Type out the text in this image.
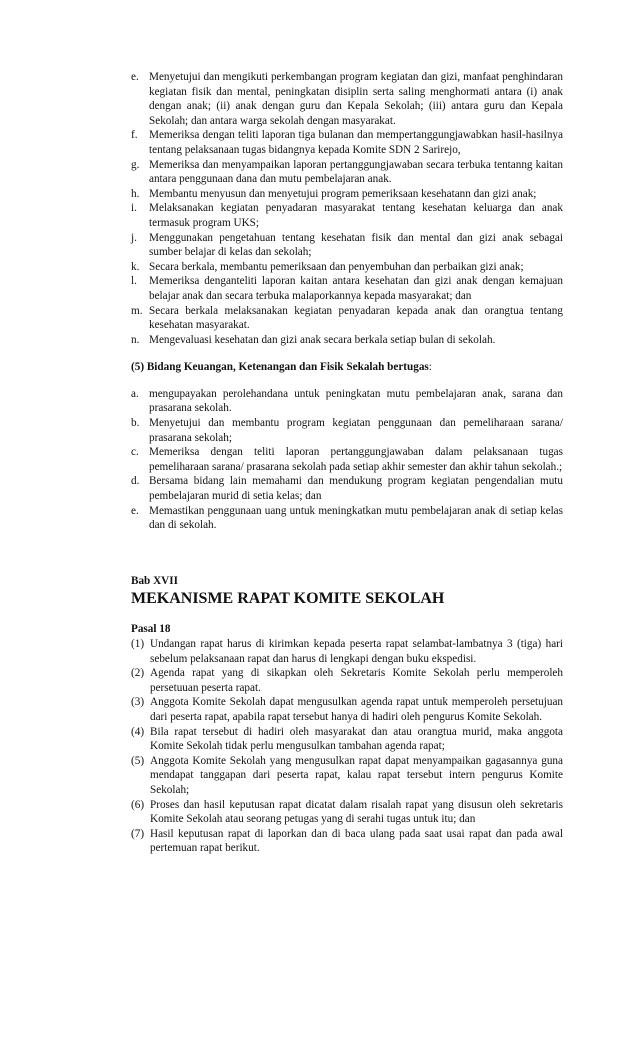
e. Menyetujui dan mengikuti perkembangan program kegiatan dan gizi, manfaat penghindaran kegiatan fisik dan mental, peningkatan disiplin serta saling menghormati antara (i) anak dengan anak; (ii) anak dengan guru dan Kepala Sekolah; (iii) antara guru dan Kepala Sekolah; dan antara warga sekolah dengan masyarakat.
f. Memeriksa dengan teliti laporan tiga bulanan dan mempertanggungjawabkan hasil-hasilnya tentang pelaksanaan tugas bidangnya kepada Komite SDN 2 Sarirejo,
g. Memeriksa dan menyampaikan laporan pertanggungjawaban secara terbuka tentanng kaitan antara penggunaan dana dan mutu pembelajaran anak.
h. Membantu menyusun dan menyetujui program pemeriksaan kesehatann dan gizi anak;
i. Melaksanakan kegiatan penyadaran masyarakat tentang kesehatan keluarga dan anak termasuk program UKS;
j. Menggunakan pengetahuan tentang kesehatan fisik dan mental dan gizi anak sebagai sumber belajar di kelas dan sekolah;
k. Secara berkala, membantu pemeriksaan dan penyembuhan dan perbaikan gizi anak;
l. Memeriksa denganteliti laporan kaitan antara kesehatan dan gizi anak dengan kemajuan belajar anak dan secara terbuka malaporkannya kepada masyarakat; dan
m. Secara berkala melaksanakan kegiatan penyadaran kepada anak dan orangtua tentang kesehatan masyarakat.
n. Mengevaluasi kesehatan dan gizi anak secara berkala setiap bulan di sekolah.
(5) Bidang Keuangan, Ketenangan dan Fisik Sekalah bertugas:
a. mengupayakan perolehandana untuk peningkatan mutu pembelajaran anak, sarana dan prasarana sekolah.
b. Menyetujui dan membantu program kegiatan penggunaan dan pemeliharaan sarana/ prasarana sekolah;
c. Memeriksa dengan teliti laporan pertanggungjawaban dalam pelaksanaan tugas pemeliharaan sarana/ prasarana sekolah pada setiap akhir semester dan akhir tahun sekolah.;
d. Bersama bidang lain memahami dan mendukung program kegiatan pengendalian mutu pembelajaran murid di setia kelas; dan
e. Memastikan penggunaan uang untuk meningkatkan mutu pembelajaran anak di setiap kelas dan di sekolah.
Bab XVII
MEKANISME RAPAT KOMITE SEKOLAH
Pasal 18
(1) Undangan rapat harus di kirimkan kepada peserta rapat selambat-lambatnya 3 (tiga) hari sebelum pelaksanaan rapat dan harus di lengkapi dengan buku ekspedisi.
(2) Agenda rapat yang di sikapkan oleh Sekretaris Komite Sekolah perlu memperoleh persetuuan peserta rapat.
(3) Anggota Komite Sekolah dapat mengusulkan agenda rapat untuk memperoleh persetujuan dari peserta rapat, apabila rapat tersebut hanya di hadiri oleh pengurus Komite Sekolah.
(4) Bila rapat tersebut di hadiri oleh masyarakat dan atau orangtua murid, maka anggota Komite Sekolah tidak perlu mengusulkan tambahan agenda rapat;
(5) Anggota Komite Sekolah yang mengusulkan rapat dapat menyampaikan gagasannya guna mendapat tanggapan dari peserta rapat, kalau rapat tersebut intern pengurus Komite Sekolah;
(6) Proses dan hasil keputusan rapat dicatat dalam risalah rapat yang disusun oleh sekretaris Komite Sekolah atau seorang petugas yang di serahi tugas untuk itu; dan
(7) Hasil keputusan rapat di laporkan dan di baca ulang pada saat usai rapat dan pada awal pertemuan rapat berikut.
